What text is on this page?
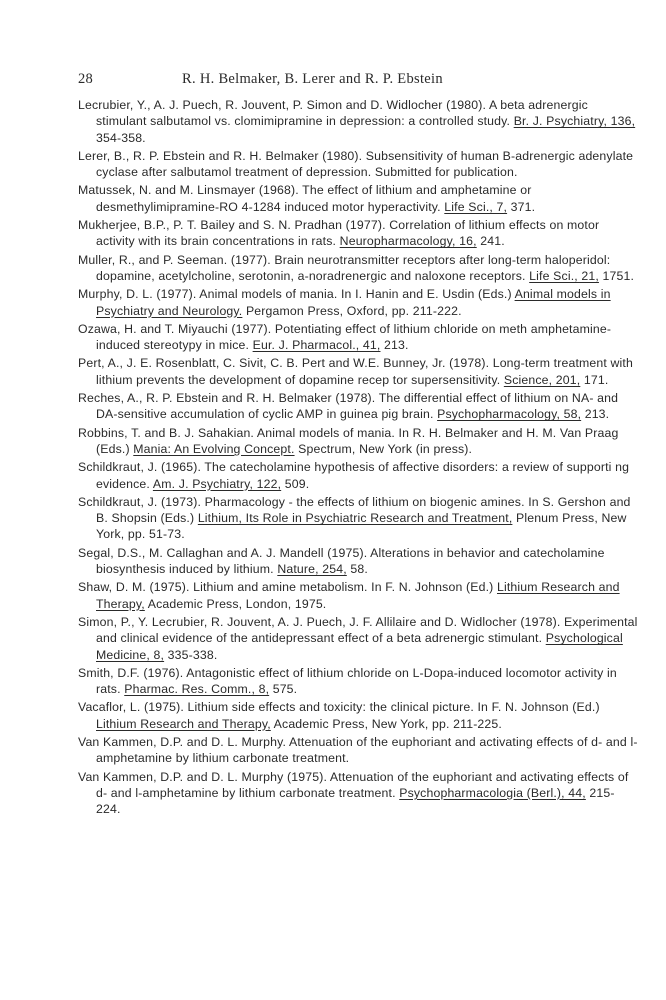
28	R. H. Belmaker, B. Lerer and R. P. Ebstein

Lecrubier, Y., A. J. Puech, R. Jouvent, P. Simon and D. Widlocher (1980). A beta adrenergic stimulant salbutamol vs. clomimipramine in depression: a controlled study. Br. J. Psychiatry, 136, 354-358.

Lerer, B., R. P. Ebstein and R. H. Belmaker (1980). Subsensitivity of human B-adrenergic adenylate cyclase after salbutamol treatment of depression. Submitted for publication.

Matussek, N. and M. Linsmayer (1968). The effect of lithium and amphetamine or desmethylimipramine-RO 4-1284 induced motor hyperactivity. Life Sci., 7, 371.

Mukherjee, B.P., P. T. Bailey and S. N. Pradhan (1977). Correlation of lithium effects on motor activity with its brain concentrations in rats. Neuropharmacology, 16, 241.

Muller, R., and P. Seeman. (1977). Brain neurotransmitter receptors after long-term haloperidol: dopamine, acetylcholine, serotonin, a-noradrenergic and naloxone receptors. Life Sci., 21, 1751.

Murphy, D. L. (1977). Animal models of mania. In I. Hanin and E. Usdin (Eds.) Animal models in Psychiatry and Neurology. Pergamon Press, Oxford, pp. 211-222.

Ozawa, H. and T. Miyauchi (1977). Potentiating effect of lithium chloride on meth amphetamine-induced stereotypy in mice. Eur. J. Pharmacol., 41, 213.

Pert, A., J. E. Rosenblatt, C. Sivit, C. B. Pert and W.E. Bunney, Jr. (1978). Long-term treatment with lithium prevents the development of dopamine recep tor supersensitivity. Science, 201, 171.

Reches, A., R. P. Ebstein and R. H. Belmaker (1978). The differential effect of lithium on NA- and DA-sensitive accumulation of cyclic AMP in guinea pig brain. Psychopharmacology, 58, 213.

Robbins, T. and B. J. Sahakian. Animal models of mania. In R. H. Belmaker and H. M. Van Praag (Eds.) Mania: An Evolving Concept. Spectrum, New York (in press).

Schildkraut, J. (1965). The catecholamine hypothesis of affective disorders: a review of supporti ng evidence. Am. J. Psychiatry, 122, 509.

Schildkraut, J. (1973). Pharmacology - the effects of lithium on biogenic amines. In S. Gershon and B. Shopsin (Eds.) Lithium, Its Role in Psychiatric Research and Treatment, Plenum Press, New York, pp. 51-73.

Segal, D.S., M. Callaghan and A. J. Mandell (1975). Alterations in behavior and catecholamine biosynthesis induced by lithium. Nature, 254, 58.

Shaw, D. M. (1975). Lithium and amine metabolism. In F. N. Johnson (Ed.) Lithium Research and Therapy, Academic Press, London, 1975.

Simon, P., Y. Lecrubier, R. Jouvent, A. J. Puech, J. F. Allilaire and D. Widlocher (1978). Experimental and clinical evidence of the antidepressant effect of a beta adrenergic stimulant. Psychological Medicine, 8, 335-338.

Smith, D.F. (1976). Antagonistic effect of lithium chloride on L-Dopa-induced locomotor activity in rats. Pharmac. Res. Comm., 8, 575.

Vacaflor, L. (1975). Lithium side effects and toxicity: the clinical picture. In F. N. Johnson (Ed.) Lithium Research and Therapy, Academic Press, New York, pp. 211-225.

Van Kammen, D.P. and D. L. Murphy. Attenuation of the euphoriant and activating effects of d- and l-amphetamine by lithium carbonate treatment.

Van Kammen, D.P. and D. L. Murphy (1975). Attenuation of the euphoriant and activating effects of d- and l-amphetamine by lithium carbonate treatment. Psychopharmacologia (Berl.), 44, 215-224.
